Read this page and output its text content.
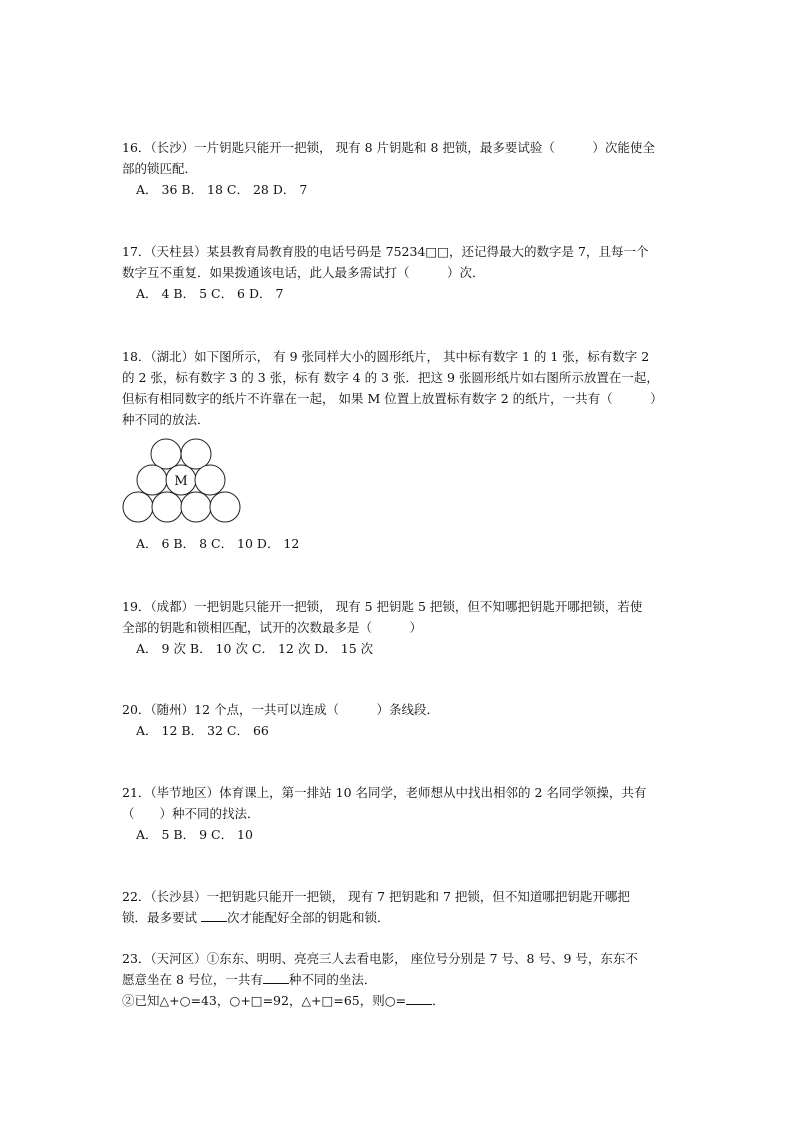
16．（长沙）一片钥匙只能开一把锁， 现有 8 片钥匙和 8 把锁，最多要试验（　　　）次能使全
部的锁匹配．
A． 36 B． 18 C． 28 D． 7
17．（天柱县）某县教育局教育股的电话号码是 75234□□，还记得最大的数字是 7，且每一个
数字互不重复．如果拨通该电话，此人最多需试打（　　　）次．
A． 4 B． 5 C． 6 D． 7
18．（湖北）如下图所示， 有 9 张同样大小的圆形纸片， 其中标有数字 1 的 1 张，标有数字 2
的 2 张，标有数字 3 的 3 张，标有 数字 4 的 3 张．把这 9 张圆形纸片如右图所示放置在一起，
但标有相同数字的纸片不许靠在一起， 如果 M 位置上放置标有数字 2 的纸片，一共有（　　　）
种不同的放法．
M
A． 6 B． 8 C． 10 D． 12
19．（成都）一把钥匙只能开一把锁， 现有 5 把钥匙 5 把锁，但不知哪把钥匙开哪把锁，若使
全部的钥匙和锁相匹配，试开的次数最多是（　　　）
A． 9 次 B． 10 次 C． 12 次 D． 15 次
20．（随州）12 个点，一共可以连成（　　　）条线段．
A． 12 B． 32 C． 66
21．（毕节地区）体育课上，第一排站 10 名同学，老师想从中找出相邻的 2 名同学领操，共有
（　　）种不同的找法．
A． 5 B． 9 C． 10
22．（长沙县）一把钥匙只能开一把锁， 现有 7 把钥匙和 7 把锁，但不知道哪把钥匙开哪把
锁．最多要试 次才能配好全部的钥匙和锁．
23．（天河区）①东东、明明、亮亮三人去看电影， 座位号分别是 7 号、8 号、9 号，东东不
愿意坐在 8 号位，一共有 种不同的坐法．
②已知△+○=43，○+□=92，△+□=65，则○= ．
